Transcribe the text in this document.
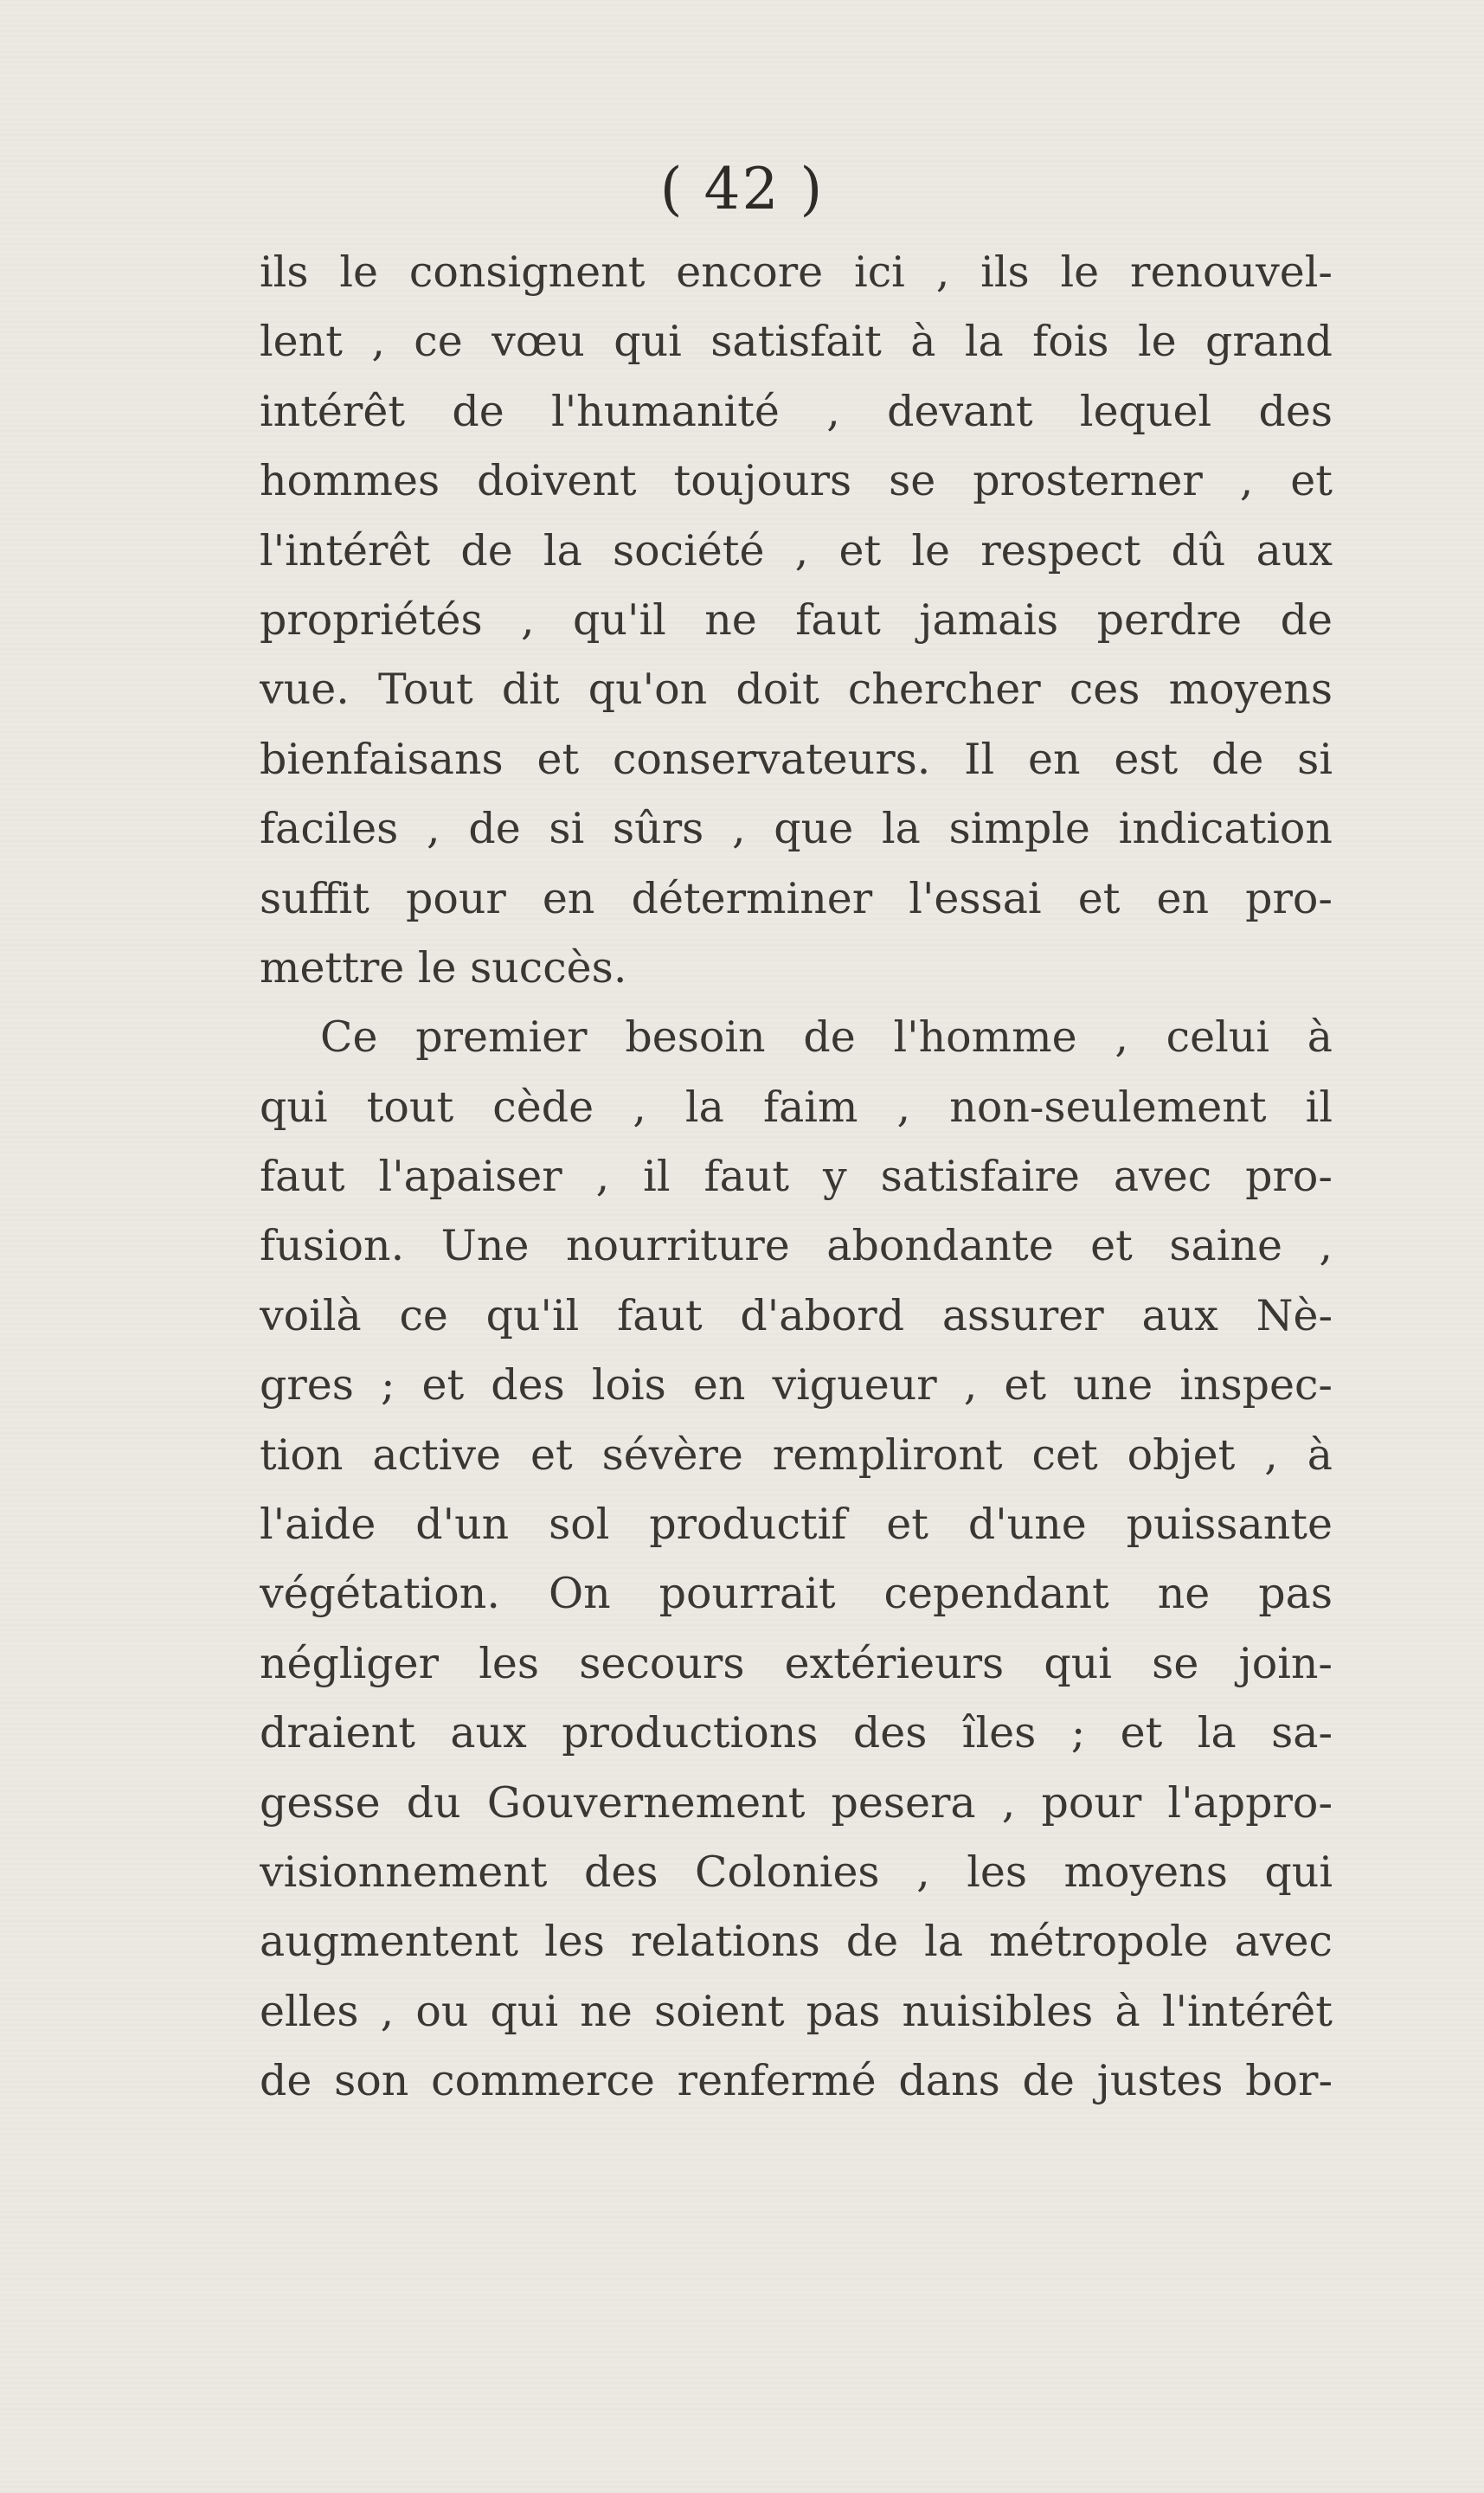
( 42 )
ils le consignent encore ici , ils le renouvel-
lent , ce vœu qui satisfait à la fois le grand
intérêt de l'humanité , devant lequel des
hommes doivent toujours se prosterner , et
l'intérêt de la société , et le respect dû aux
propriétés , qu'il ne faut jamais perdre de
vue. Tout dit qu'on doit chercher ces moyens
bienfaisans et conservateurs. Il en est de si
faciles , de si sûrs , que la simple indication
suffit pour en déterminer l'essai et en pro-
mettre le succès.
Ce premier besoin de l'homme , celui à
qui tout cède , la faim , non-seulement il
faut l'apaiser , il faut y satisfaire avec pro-
fusion. Une nourriture abondante et saine ,
voilà ce qu'il faut d'abord assurer aux Nè-
gres ; et des lois en vigueur , et une inspec-
tion active et sévère rempliront cet objet , à
l'aide d'un sol productif et d'une puissante
végétation. On pourrait cependant ne pas
négliger les secours extérieurs qui se join-
draient aux productions des îles ; et la sa-
gesse du Gouvernement pesera , pour l'appro-
visionnement des Colonies , les moyens qui
augmentent les relations de la métropole avec
elles , ou qui ne soient pas nuisibles à l'intérêt
de son commerce renfermé dans de justes bor-
